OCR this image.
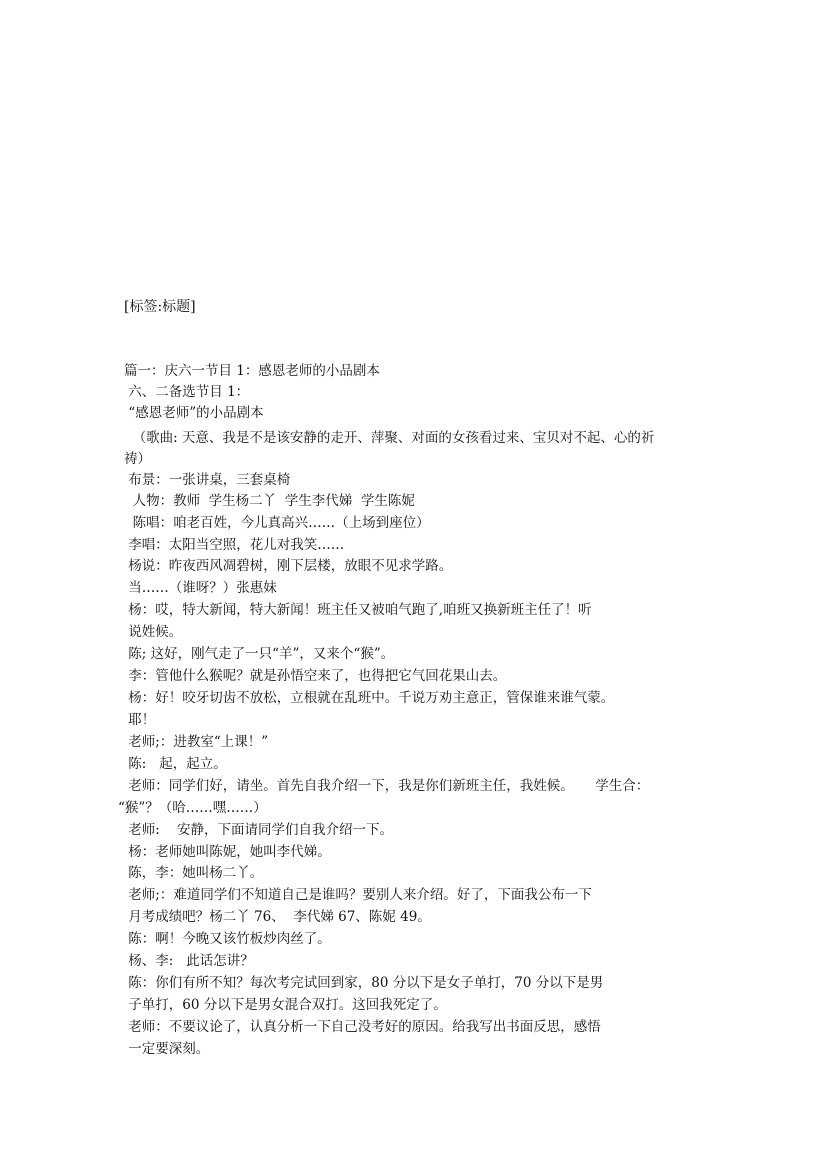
[标签:标题]
篇一：庆六一节目 1：感恩老师的小品剧本
六、二备选节目 1：
“感恩老师”的小品剧本
（歌曲: 天意、我是不是该安静的走开、萍聚、对面的女孩看过来、宝贝对不起、心的祈
祷）
布景：一张讲桌，三套桌椅
人物：教师  学生杨二丫  学生李代娣  学生陈妮
陈唱：咱老百姓，今儿真高兴……（上场到座位）
李唱：太阳当空照，花儿对我笑……
杨说：昨夜西风凋碧树，刚下层楼，放眼不见求学路。
当……（谁呀？）张惠妹
杨：哎，特大新闻，特大新闻！班主任又被咱气跑了,咱班又换新班主任了！听
说姓候。
陈; 这好，刚气走了一只“羊”，又来个“猴”。
李：管他什么猴呢？就是孙悟空来了，也得把它气回花果山去。
杨：好！咬牙切齿不放松，立根就在乱班中。千说万劝主意正，管保谁来谁气蒙。
耶！
老师;：进教室“上课！”
陈:   起，起立。
老师：同学们好，请坐。首先自我介绍一下，我是你们新班主任，我姓候。     学生合：
“猴”？（哈……嘿……）
老师:    安静，下面请同学们自我介绍一下。
杨：老师她叫陈妮，她叫李代娣。
陈，李：她叫杨二丫。
老师;：难道同学们不知道自己是谁吗？要别人来介绍。好了，下面我公布一下
月考成绩吧？杨二丫 76、  李代娣 67、陈妮 49。
陈：啊！今晚又该竹板炒肉丝了。
杨、李:   此话怎讲？
陈：你们有所不知？每次考完试回到家，80 分以下是女子单打，70 分以下是男
子单打，60 分以下是男女混合双打。这回我死定了。
老师：不要议论了，认真分析一下自己没考好的原因。给我写出书面反思，感悟
一定要深刻。
